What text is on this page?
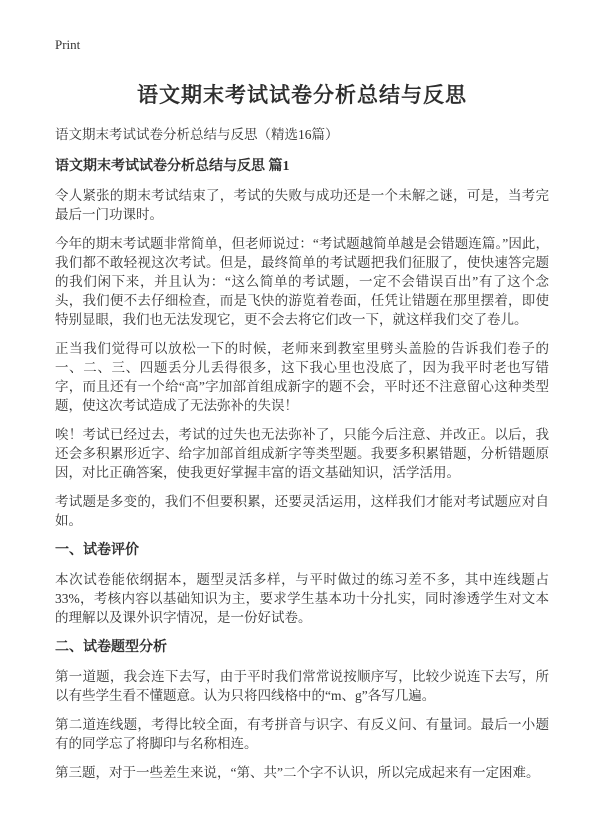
Print
语文期末考试试卷分析总结与反思

语文期末考试试卷分析总结与反思（精选16篇）

语文期末考试试卷分析总结与反思 篇1

令人紧张的期末考试结束了，考试的失败与成功还是一个未解之谜，可是，当考完最后一门功课时。

今年的期末考试题非常简单，但老师说过：“考试题越简单越是会错题连篇。”因此，我们都不敢轻视这次考试。但是，最终简单的考试题把我们征服了，使快速答完题的我们闲下来，并且认为：“这么简单的考试题，一定不会错误百出”有了这个念头，我们便不去仔细检查，而是飞快的游览着卷面，任凭让错题在那里摆着，即使特别显眼，我们也无法发现它，更不会去将它们改一下，就这样我们交了卷儿。

正当我们觉得可以放松一下的时候，老师来到教室里劈头盖脸的告诉我们卷子的一、二、三、四题丢分儿丢得很多，这下我心里也没底了，因为我平时老也写错字，而且还有一个给“高”字加部首组成新字的题不会，平时还不注意留心这种类型题，使这次考试造成了无法弥补的失误！

唉！考试已经过去，考试的过失也无法弥补了，只能今后注意、并改正。以后，我还会多积累形近字、给字加部首组成新字等类型题。我要多积累错题，分析错题原因，对比正确答案，使我更好掌握丰富的语文基础知识，活学活用。

考试题是多变的，我们不但要积累，还要灵活运用，这样我们才能对考试题应对自如。

一、试卷评价

本次试卷能依纲据本，题型灵活多样，与平时做过的练习差不多，其中连线题占33%，考核内容以基础知识为主，要求学生基本功十分扎实，同时渗透学生对文本的理解以及课外识字情况，是一份好试卷。

二、试卷题型分析

第一道题，我会连下去写，由于平时我们常常说按顺序写，比较少说连下去写，所以有些学生看不懂题意。认为只将四线格中的“m、g”各写几遍。

第二道连线题，考得比较全面，有考拼音与识字、有反义问、有量词。最后一小题有的同学忘了将脚印与名称相连。

第三题，对于一些差生来说，“第、共”二个字不认识，所以完成起来有一定困难。
